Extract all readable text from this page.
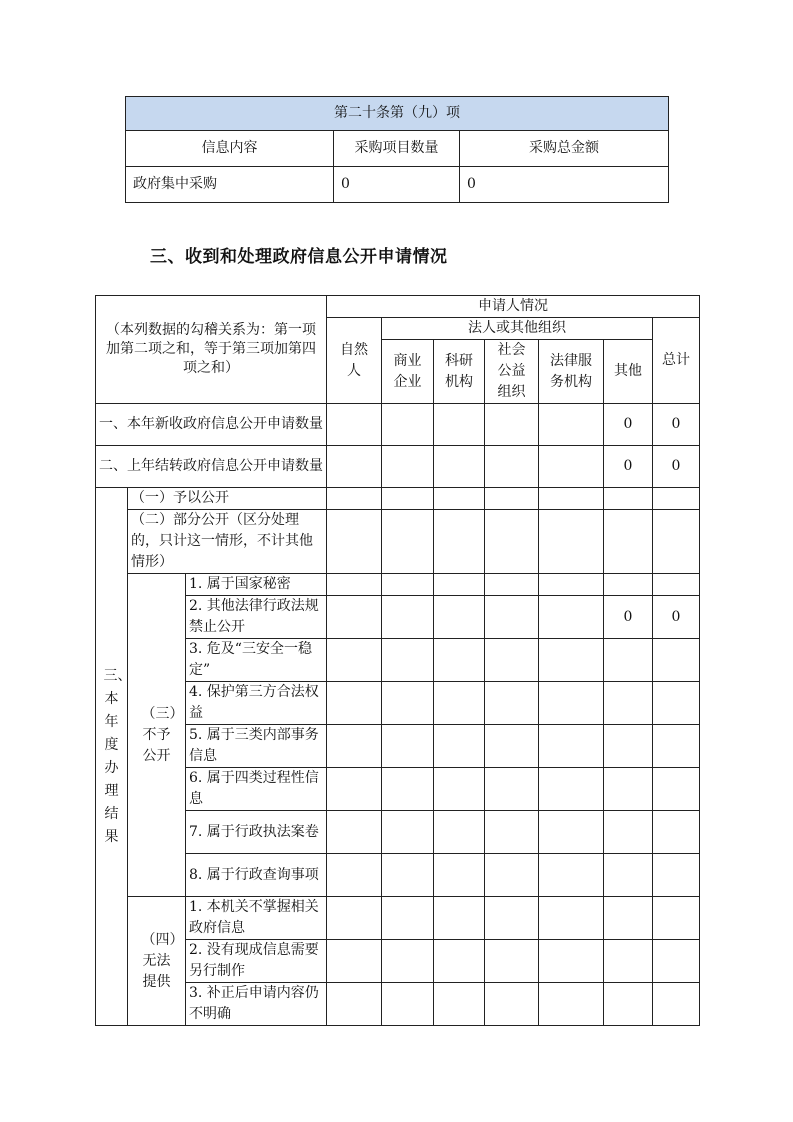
第二十条第（九）项		
信息内容	采购项目数量	采购总金额
政府集中采购	0	0
三、收到和处理政府信息公开申请情况
（本列数据的勾稽关系为：第一项加第二项之和，等于第三项加第四项之和）			申请人情况						
			自然人	法人或其他组织					总计
				商业企业	科研机构	社会公益组织	法律服务机构	其他	
一、本年新收政府信息公开申请数量								0	0
二、上年结转政府信息公开申请数量								0	0
三、本年度办理结果	（一）予以公开								
	（二）部分公开（区分处理的，只计这一情形，不计其他情形）								
	（三）不予公开	1. 属于国家秘密							
		2. 其他法律行政法规禁止公开						0	0
		3. 危及“三安全一稳定”							
		4. 保护第三方合法权益							
		5. 属于三类内部事务信息							
		6. 属于四类过程性信息							
		7. 属于行政执法案卷							
		8. 属于行政查询事项							
	（四）无法提供	1. 本机关不掌握相关政府信息							
		2. 没有现成信息需要另行制作							
		3. 补正后申请内容仍不明确							
